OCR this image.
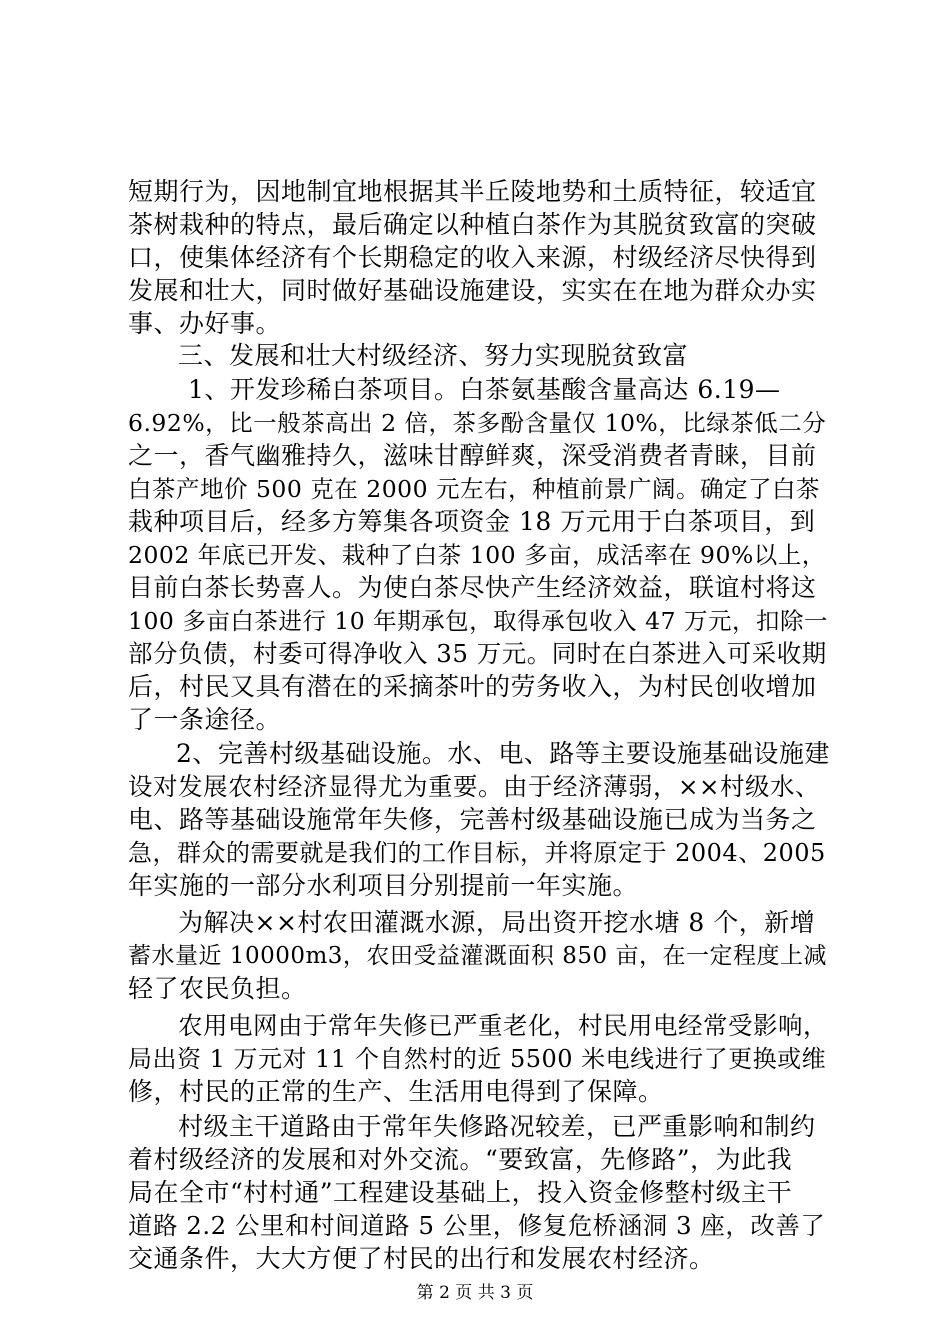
短期行为，因地制宜地根据其半丘陵地势和土质特征，较适宜
茶树栽种的特点，最后确定以种植白茶作为其脱贫致富的突破
口，使集体经济有个长期稳定的收入来源，村级经济尽快得到
发展和壮大，同时做好基础设施建设，实实在在地为群众办实
事、办好事。
三、发展和壮大村级经济、努力实现脱贫致富
1、开发珍稀白茶项目。白茶氨基酸含量高达 6.19—
6.92%，比一般茶高出 2 倍，茶多酚含量仅 10%，比绿茶低二分
之一，香气幽雅持久，滋味甘醇鲜爽，深受消费者青睐，目前
白茶产地价 500 克在 2000 元左右，种植前景广阔。确定了白茶
栽种项目后，经多方筹集各项资金 18 万元用于白茶项目，到
2002 年底已开发、栽种了白茶 100 多亩，成活率在 90%以上，
目前白茶长势喜人。为使白茶尽快产生经济效益，联谊村将这
100 多亩白茶进行 10 年期承包，取得承包收入 47 万元，扣除一
部分负债，村委可得净收入 35 万元。同时在白茶进入可采收期
后，村民又具有潜在的采摘茶叶的劳务收入，为村民创收增加
了一条途径。
2、完善村级基础设施。水、电、路等主要设施基础设施建
设对发展农村经济显得尤为重要。由于经济薄弱，××村级水、
电、路等基础设施常年失修，完善村级基础设施已成为当务之
急，群众的需要就是我们的工作目标，并将原定于 2004、2005
年实施的一部分水利项目分别提前一年实施。
为解决××村农田灌溉水源，局出资开挖水塘 8 个，新增
蓄水量近 10000m3，农田受益灌溉面积 850 亩，在一定程度上减
轻了农民负担。
农用电网由于常年失修已严重老化，村民用电经常受影响，
局出资 1 万元对 11 个自然村的近 5500 米电线进行了更换或维
修，村民的正常的生产、生活用电得到了保障。
村级主干道路由于常年失修路况较差，已严重影响和制约
着村级经济的发展和对外交流。“要致富，先修路”，为此我
局在全市“村村通”工程建设基础上，投入资金修整村级主干
道路 2.2 公里和村间道路 5 公里，修复危桥涵洞 3 座，改善了
交通条件，大大方便了村民的出行和发展农村经济。
第 2 页 共 3 页
